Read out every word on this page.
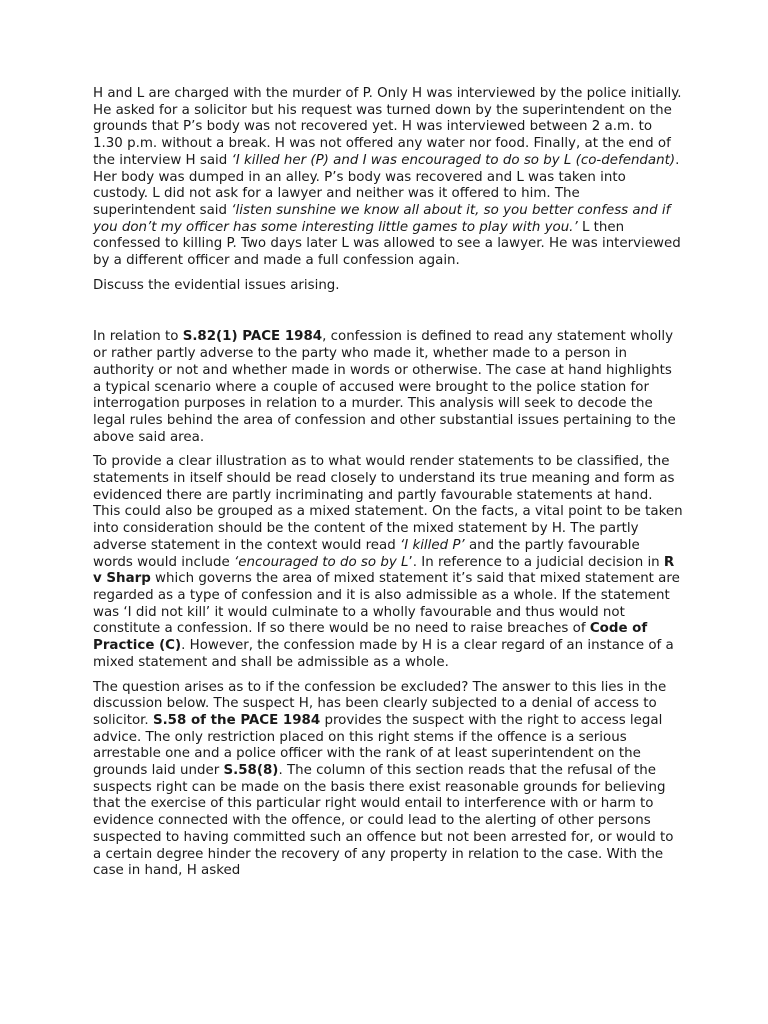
H and L are charged with the murder of P. Only H was interviewed by the police initially. He asked for a solicitor but his request was turned down by the superintendent on the grounds that P’s body was not recovered yet. H was interviewed between 2 a.m. to 1.30 p.m. without a break. H was not offered any water nor food. Finally, at the end of the interview H said ‘I killed her (P) and I was encouraged to do so by L (co-defendant). Her body was dumped in an alley. P’s body was recovered and L was taken into custody. L did not ask for a lawyer and neither was it offered to him. The superintendent said ‘listen sunshine we know all about it, so you better confess and if you don’t my officer has some interesting little games to play with you.’ L then confessed to killing P. Two days later L was allowed to see a lawyer. He was interviewed by a different officer and made a full confession again.

Discuss the evidential issues arising.

In relation to S.82(1) PACE 1984, confession is defined to read any statement wholly or rather partly adverse to the party who made it, whether made to a person in authority or not and whether made in words or otherwise. The case at hand highlights a typical scenario where a couple of accused were brought to the police station for interrogation purposes in relation to a murder. This analysis will seek to decode the legal rules behind the area of confession and other substantial issues pertaining to the above said area.

To provide a clear illustration as to what would render statements to be classified, the statements in itself should be read closely to understand its true meaning and form as evidenced there are partly incriminating and partly favourable statements at hand. This could also be grouped as a mixed statement. On the facts, a vital point to be taken into consideration should be the content of the mixed statement by H. The partly adverse statement in the context would read ‘I killed P’ and the partly favourable words would include ‘encouraged to do so by L’. In reference to a judicial decision in R v Sharp which governs the area of mixed statement it’s said that mixed statement are regarded as a type of confession and it is also admissible as a whole. If the statement was ‘I did not kill’ it would culminate to a wholly favourable and thus would not constitute a confession. If so there would be no need to raise breaches of Code of Practice (C). However, the confession made by H is a clear regard of an instance of a mixed statement and shall be admissible as a whole.

The question arises as to if the confession be excluded? The answer to this lies in the discussion below. The suspect H, has been clearly subjected to a denial of access to solicitor. S.58 of the PACE 1984 provides the suspect with the right to access legal advice. The only restriction placed on this right stems if the offence is a serious arrestable one and a police officer with the rank of at least superintendent on the grounds laid under S.58(8). The column of this section reads that the refusal of the suspects right can be made on the basis there exist reasonable grounds for believing that the exercise of this particular right would entail to interference with or harm to evidence connected with the offence, or could lead to the alerting of other persons suspected to having committed such an offence but not been arrested for, or would to a certain degree hinder the recovery of any property in relation to the case. With the case in hand, H asked
